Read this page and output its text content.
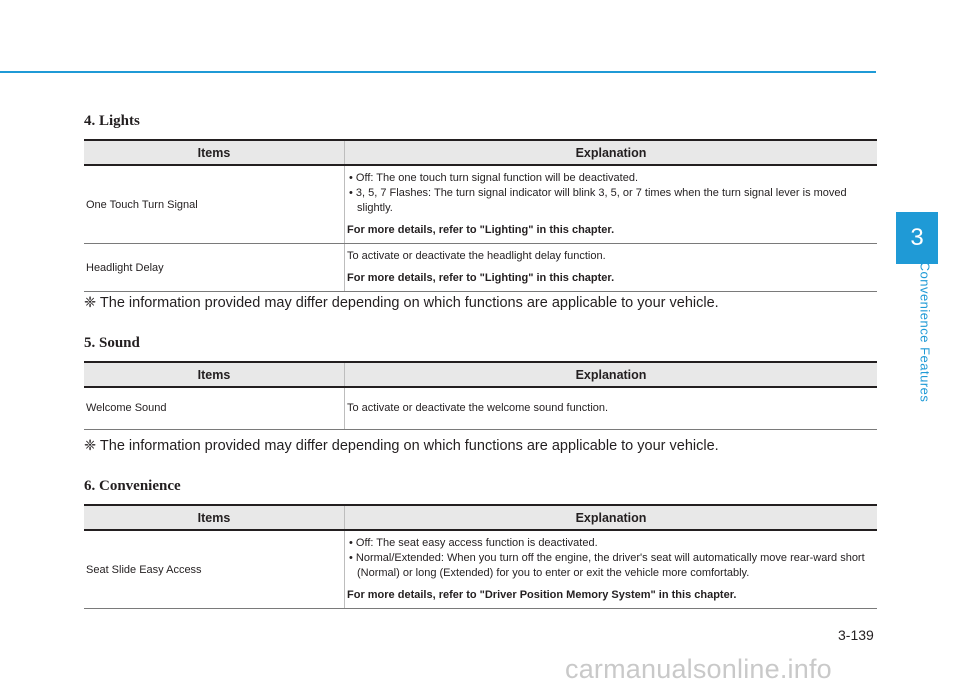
4. Lights
Items	Explanation
One Touch Turn Signal	• Off: The one touch turn signal function will be deactivated.
• 3, 5, 7 Flashes: The turn signal indicator will blink 3, 5, or 7 times when the turn signal lever is moved slightly.
For more details, refer to "Lighting" in this chapter.

Headlight Delay	To activate or deactivate the headlight delay function.
For more details, refer to "Lighting" in this chapter.
❈ The information provided may differ depending on which functions are applicable to your vehicle.
5. Sound
Items	Explanation
Welcome Sound	To activate or deactivate the welcome sound function.
❈ The information provided may differ depending on which functions are applicable to your vehicle.
6. Convenience
Items	Explanation
Seat Slide Easy Access	• Off: The seat easy access function is deactivated.
• Normal/Extended: When you turn off the engine, the driver's seat will automatically move rear-ward short (Normal) or long (Extended) for you to enter or exit the vehicle more comfortably.
For more details, refer to "Driver Position Memory System" in this chapter.
3
Convenience Features
3-139
carmanualsonline.info
